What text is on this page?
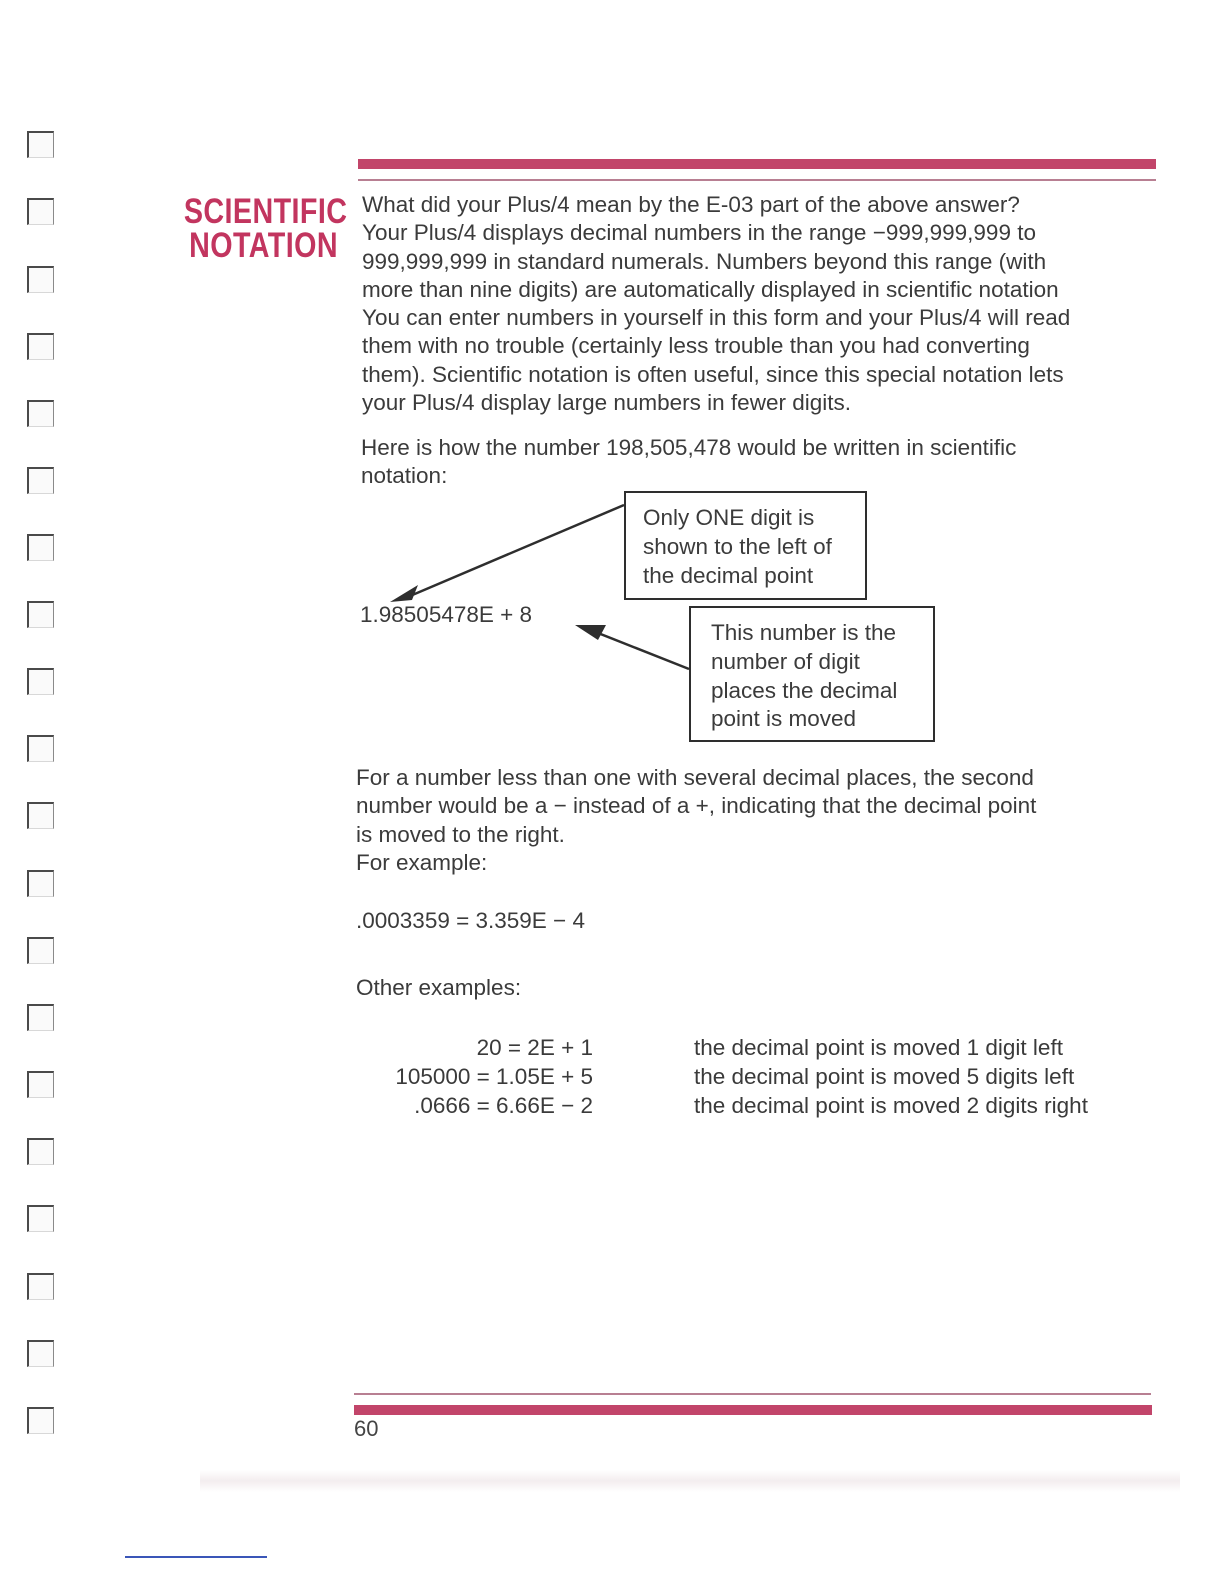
SCIENTIFIC
NOTATION
What did your Plus/4 mean by the E-03 part of the above answer?
Your Plus/4 displays decimal numbers in the range −999,999,999 to
999,999,999 in standard numerals. Numbers beyond this range (with
more than nine digits) are automatically displayed in scientific notation
You can enter numbers in yourself in this form and your Plus/4 will read
them with no trouble (certainly less trouble than you had converting
them). Scientific notation is often useful, since this special notation lets
your Plus/4 display large numbers in fewer digits.
Here is how the number 198,505,478 would be written in scientific
notation:
1.98505478E + 8
Only ONE digit is
shown to the left of
the decimal point
This number is the
number of digit
places the decimal
point is moved
For a number less than one with several decimal places, the second
number would be a − instead of a +, indicating that the decimal point
is moved to the right.
For example:
.0003359 = 3.359E − 4
Other examples:
20 = 2E + 1
105000 = 1.05E + 5
.0666 = 6.66E − 2
the decimal point is moved 1 digit left
the decimal point is moved 5 digits left
the decimal point is moved 2 digits right
60
